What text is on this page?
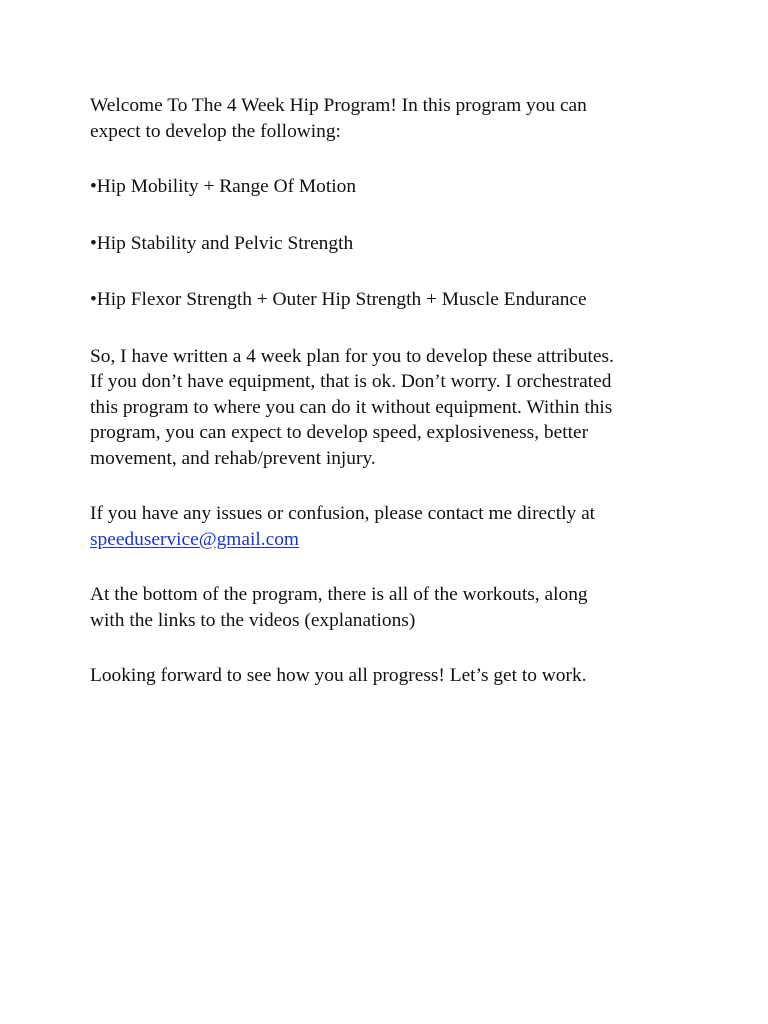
Welcome To The 4 Week Hip Program! In this program you can
expect to develop the following:

•Hip Mobility + Range Of Motion

•Hip Stability and Pelvic Strength

•Hip Flexor Strength + Outer Hip Strength + Muscle Endurance

So, I have written a 4 week plan for you to develop these attributes.
If you don’t have equipment, that is ok. Don’t worry. I orchestrated
this program to where you can do it without equipment. Within this
program, you can expect to develop speed, explosiveness, better
movement, and rehab/prevent injury.

If you have any issues or confusion, please contact me directly at
speeduservice@gmail.com

At the bottom of the program, there is all of the workouts, along
with the links to the videos (explanations)

Looking forward to see how you all progress! Let’s get to work.
